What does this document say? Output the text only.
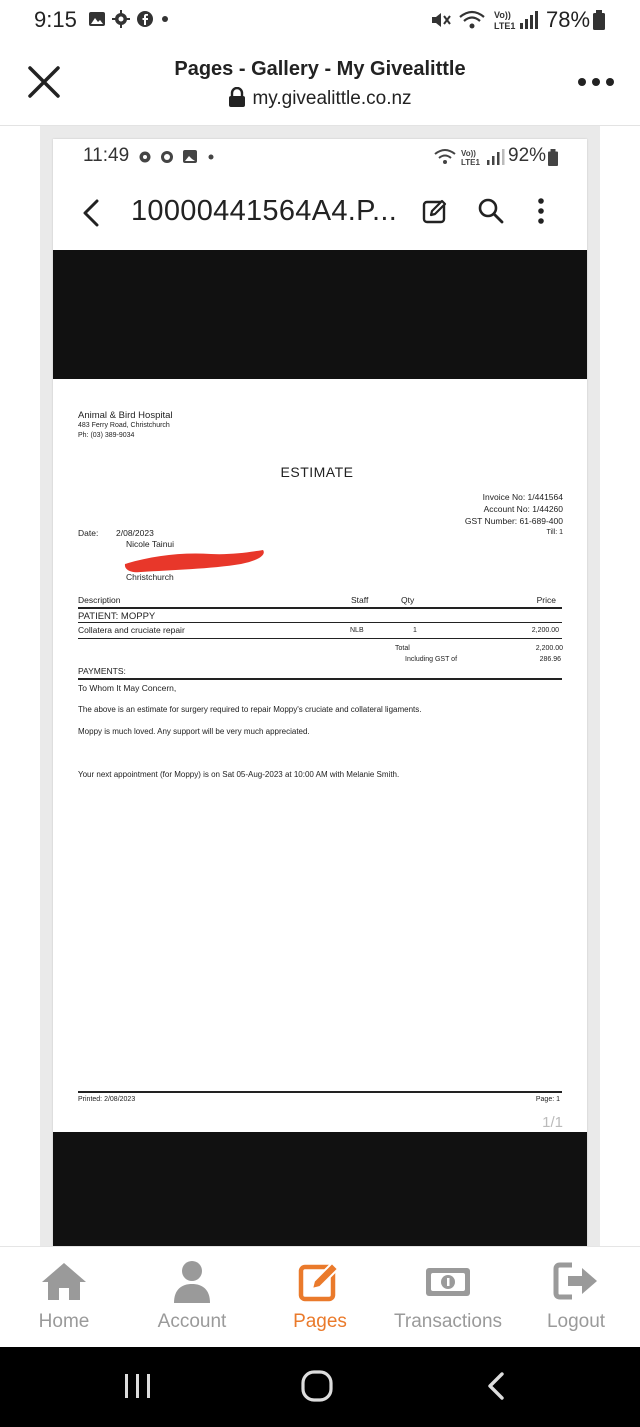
9:15	Vo))
LTE1 78%
Pages - Gallery - My Givealittle
my.givealittle.co.nz
11:49	Vo))
LTE1 92%
10000441564A4.P...
Animal & Bird Hospital
483 Ferry Road, Christchurch
Ph: (03) 389-9034
ESTIMATE
Invoice No: 1/441564
Account No: 1/44260
GST Number: 61-689-400
Till: 1
Date: 2/08/2023
Nicole Tainui
Christchurch
Description	Staff	Qty	Price
PATIENT: MOPPY
Collatera and cruciate repair	NLB	1	2,200.00
Total	2,200.00
Including GST of	286.96
PAYMENTS:
To Whom It May Concern,
The above is an estimate for surgery required to repair Moppy's cruciate and collateral ligaments.
Moppy is much loved. Any support will be very much appreciated.
Your next appointment (for Moppy) is on Sat 05-Aug-2023 at 10:00 AM with Melanie Smith.
Printed: 2/08/2023	Page: 1
1/1
Home	Account	Pages	Transactions	Logout
